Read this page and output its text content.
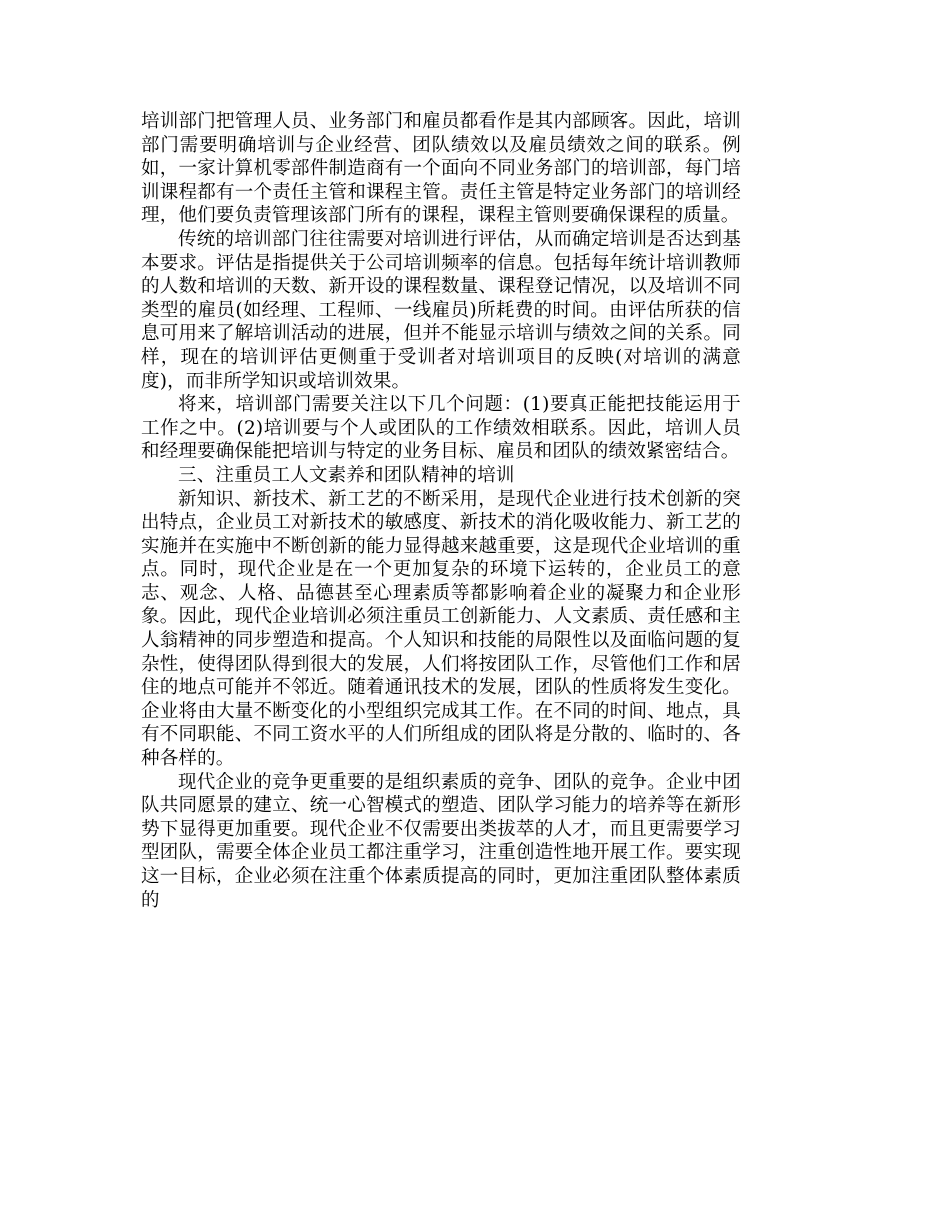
培训部门把管理人员、业务部门和雇员都看作是其内部顾客。因此，培训部门需要明确培训与企业经营、团队绩效以及雇员绩效之间的联系。例如，一家计算机零部件制造商有一个面向不同业务部门的培训部，每门培训课程都有一个责任主管和课程主管。责任主管是特定业务部门的培训经理，他们要负责管理该部门所有的课程，课程主管则要确保课程的质量。

传统的培训部门往往需要对培训进行评估，从而确定培训是否达到基本要求。评估是指提供关于公司培训频率的信息。包括每年统计培训教师的人数和培训的天数、新开设的课程数量、课程登记情况，以及培训不同类型的雇员(如经理、工程师、一线雇员)所耗费的时间。由评估所获的信息可用来了解培训活动的进展，但并不能显示培训与绩效之间的关系。同样，现在的培训评估更侧重于受训者对培训项目的反映(对培训的满意度)，而非所学知识或培训效果。

将来，培训部门需要关注以下几个问题：(1)要真正能把技能运用于工作之中。(2)培训要与个人或团队的工作绩效相联系。因此，培训人员和经理要确保能把培训与特定的业务目标、雇员和团队的绩效紧密结合。

三、注重员工人文素养和团队精神的培训

新知识、新技术、新工艺的不断采用，是现代企业进行技术创新的突出特点，企业员工对新技术的敏感度、新技术的消化吸收能力、新工艺的实施并在实施中不断创新的能力显得越来越重要，这是现代企业培训的重点。同时，现代企业是在一个更加复杂的环境下运转的，企业员工的意志、观念、人格、品德甚至心理素质等都影响着企业的凝聚力和企业形象。因此，现代企业培训必须注重员工创新能力、人文素质、责任感和主人翁精神的同步塑造和提高。个人知识和技能的局限性以及面临问题的复杂性，使得团队得到很大的发展，人们将按团队工作，尽管他们工作和居住的地点可能并不邻近。随着通讯技术的发展，团队的性质将发生变化。企业将由大量不断变化的小型组织完成其工作。在不同的时间、地点，具有不同职能、不同工资水平的人们所组成的团队将是分散的、临时的、各种各样的。

现代企业的竞争更重要的是组织素质的竞争、团队的竞争。企业中团队共同愿景的建立、统一心智模式的塑造、团队学习能力的培养等在新形势下显得更加重要。现代企业不仅需要出类拔萃的人才，而且更需要学习型团队，需要全体企业员工都注重学习，注重创造性地开展工作。要实现这一目标，企业必须在注重个体素质提高的同时，更加注重团队整体素质的
